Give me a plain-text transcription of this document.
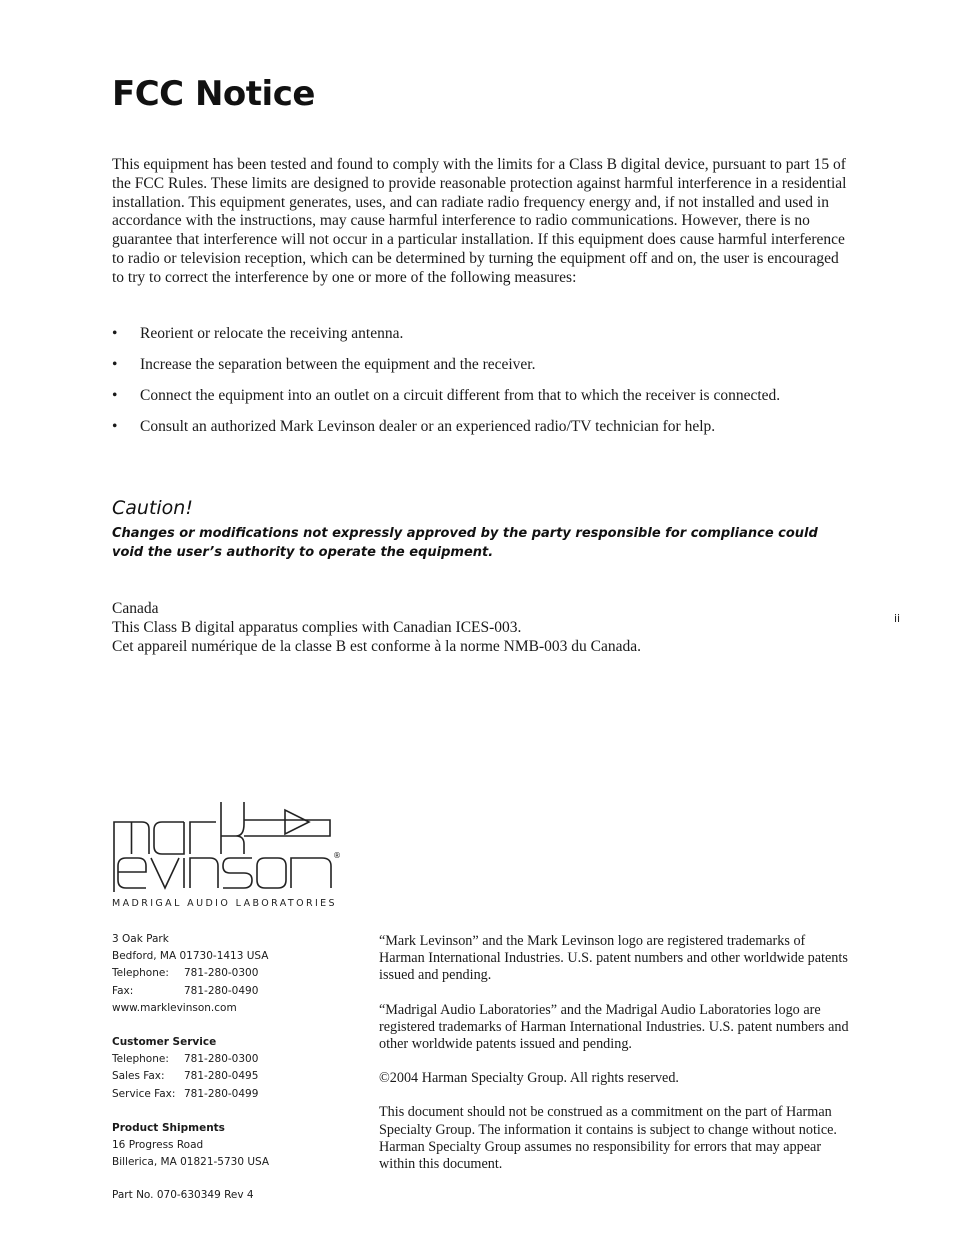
FCC Notice

This equipment has been tested and found to comply with the limits for a Class B digital device, pursuant to part 15 of the FCC Rules. These limits are designed to provide reasonable protection against harmful interference in a residential installation. This equipment generates, uses, and can radiate radio frequency energy and, if not installed and used in accordance with the instructions, may cause harmful interference to radio communications. However, there is no guarantee that interference will not occur in a particular installation. If this equipment does cause harmful interference to radio or television reception, which can be determined by turning the equipment off and on, the user is encouraged to try to correct the interference by one or more of the following measures:

• Reorient or relocate the receiving antenna.
• Increase the separation between the equipment and the receiver.
• Connect the equipment into an outlet on a circuit different from that to which the receiver is connected.
• Consult an authorized Mark Levinson dealer or an experienced radio/TV technician for help.
Caution!

Changes or modifications not expressly approved by the party responsible for compliance could void the user’s authority to operate the equipment.

Canada
This Class B digital apparatus complies with Canadian ICES-003.
Cet appareil numérique de la classe B est conforme à la norme NMB-003 du Canada.
ii
®
MADRIGAL AUDIO LABORATORIES
3 Oak Park
Bedford, MA 01730-1413 USA
Telephone: 781-280-0300
Fax:	781-280-0490
www.marklevinson.com
Customer Service
Telephone: 781-280-0300
Sales Fax: 781-280-0495
Service Fax: 781-280-0499
Product Shipments
16 Progress Road
Billerica, MA 01821-5730 USA
Part No. 070-630349 Rev 4

“Mark Levinson” and the Mark Levinson logo are registered trademarks of Harman International Industries. U.S. patent numbers and other worldwide patents issued and pending.

“Madrigal Audio Laboratories” and the Madrigal Audio Laboratories logo are registered trademarks of Harman International Industries. U.S. patent numbers and other worldwide patents issued and pending.

©2004 Harman Specialty Group. All rights reserved.

This document should not be construed as a commitment on the part of Harman Specialty Group. The information it contains is subject to change without notice. Harman Specialty Group assumes no responsibility for errors that may appear within this document.
